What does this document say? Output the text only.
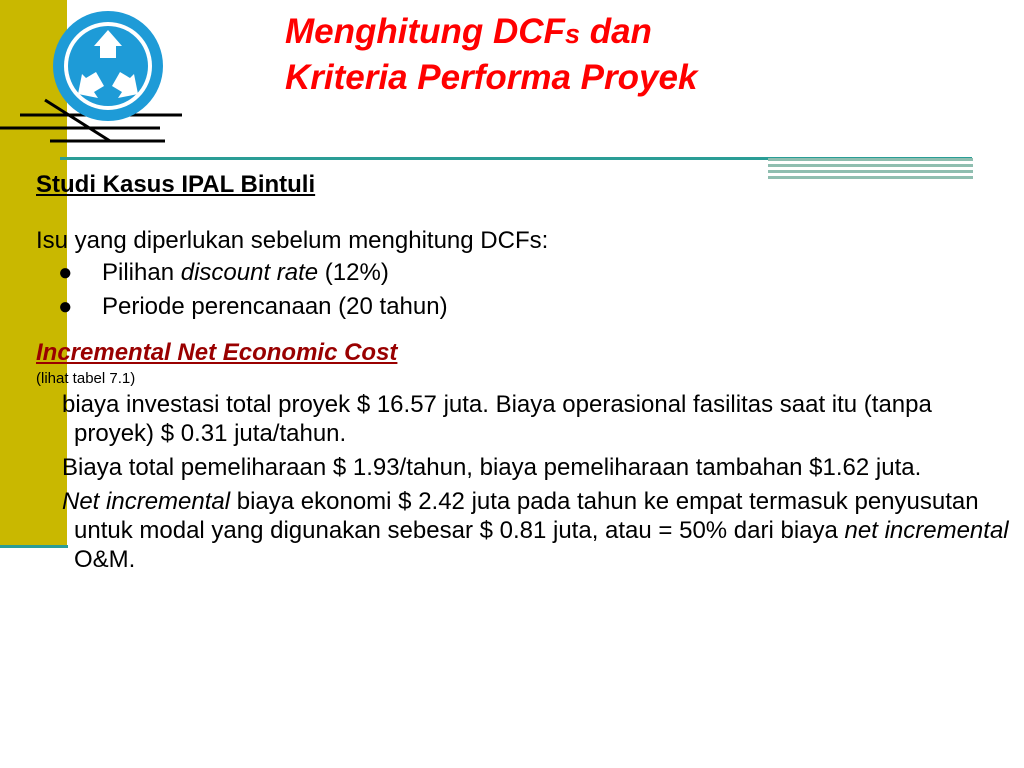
Menghitung DCFs dan
Kriteria Performa Proyek

Studi Kasus IPAL Bintuli

Isu yang diperlukan sebelum menghitung DCFs:

● Pilihan discount rate (12%)

● Periode perencanaan (20 tahun)

Incremental Net Economic Cost

(lihat tabel 7.1)

biaya investasi total proyek $ 16.57 juta. Biaya operasional fasilitas saat itu (tanpa proyek) $ 0.31 juta/tahun.

Biaya total pemeliharaan $ 1.93/tahun, biaya pemeliharaan tambahan $1.62 juta.

Net incremental biaya ekonomi $ 2.42 juta pada tahun ke empat termasuk penyusutan untuk modal yang digunakan sebesar $ 0.81 juta, atau = 50% dari biaya net incremental O&M.
